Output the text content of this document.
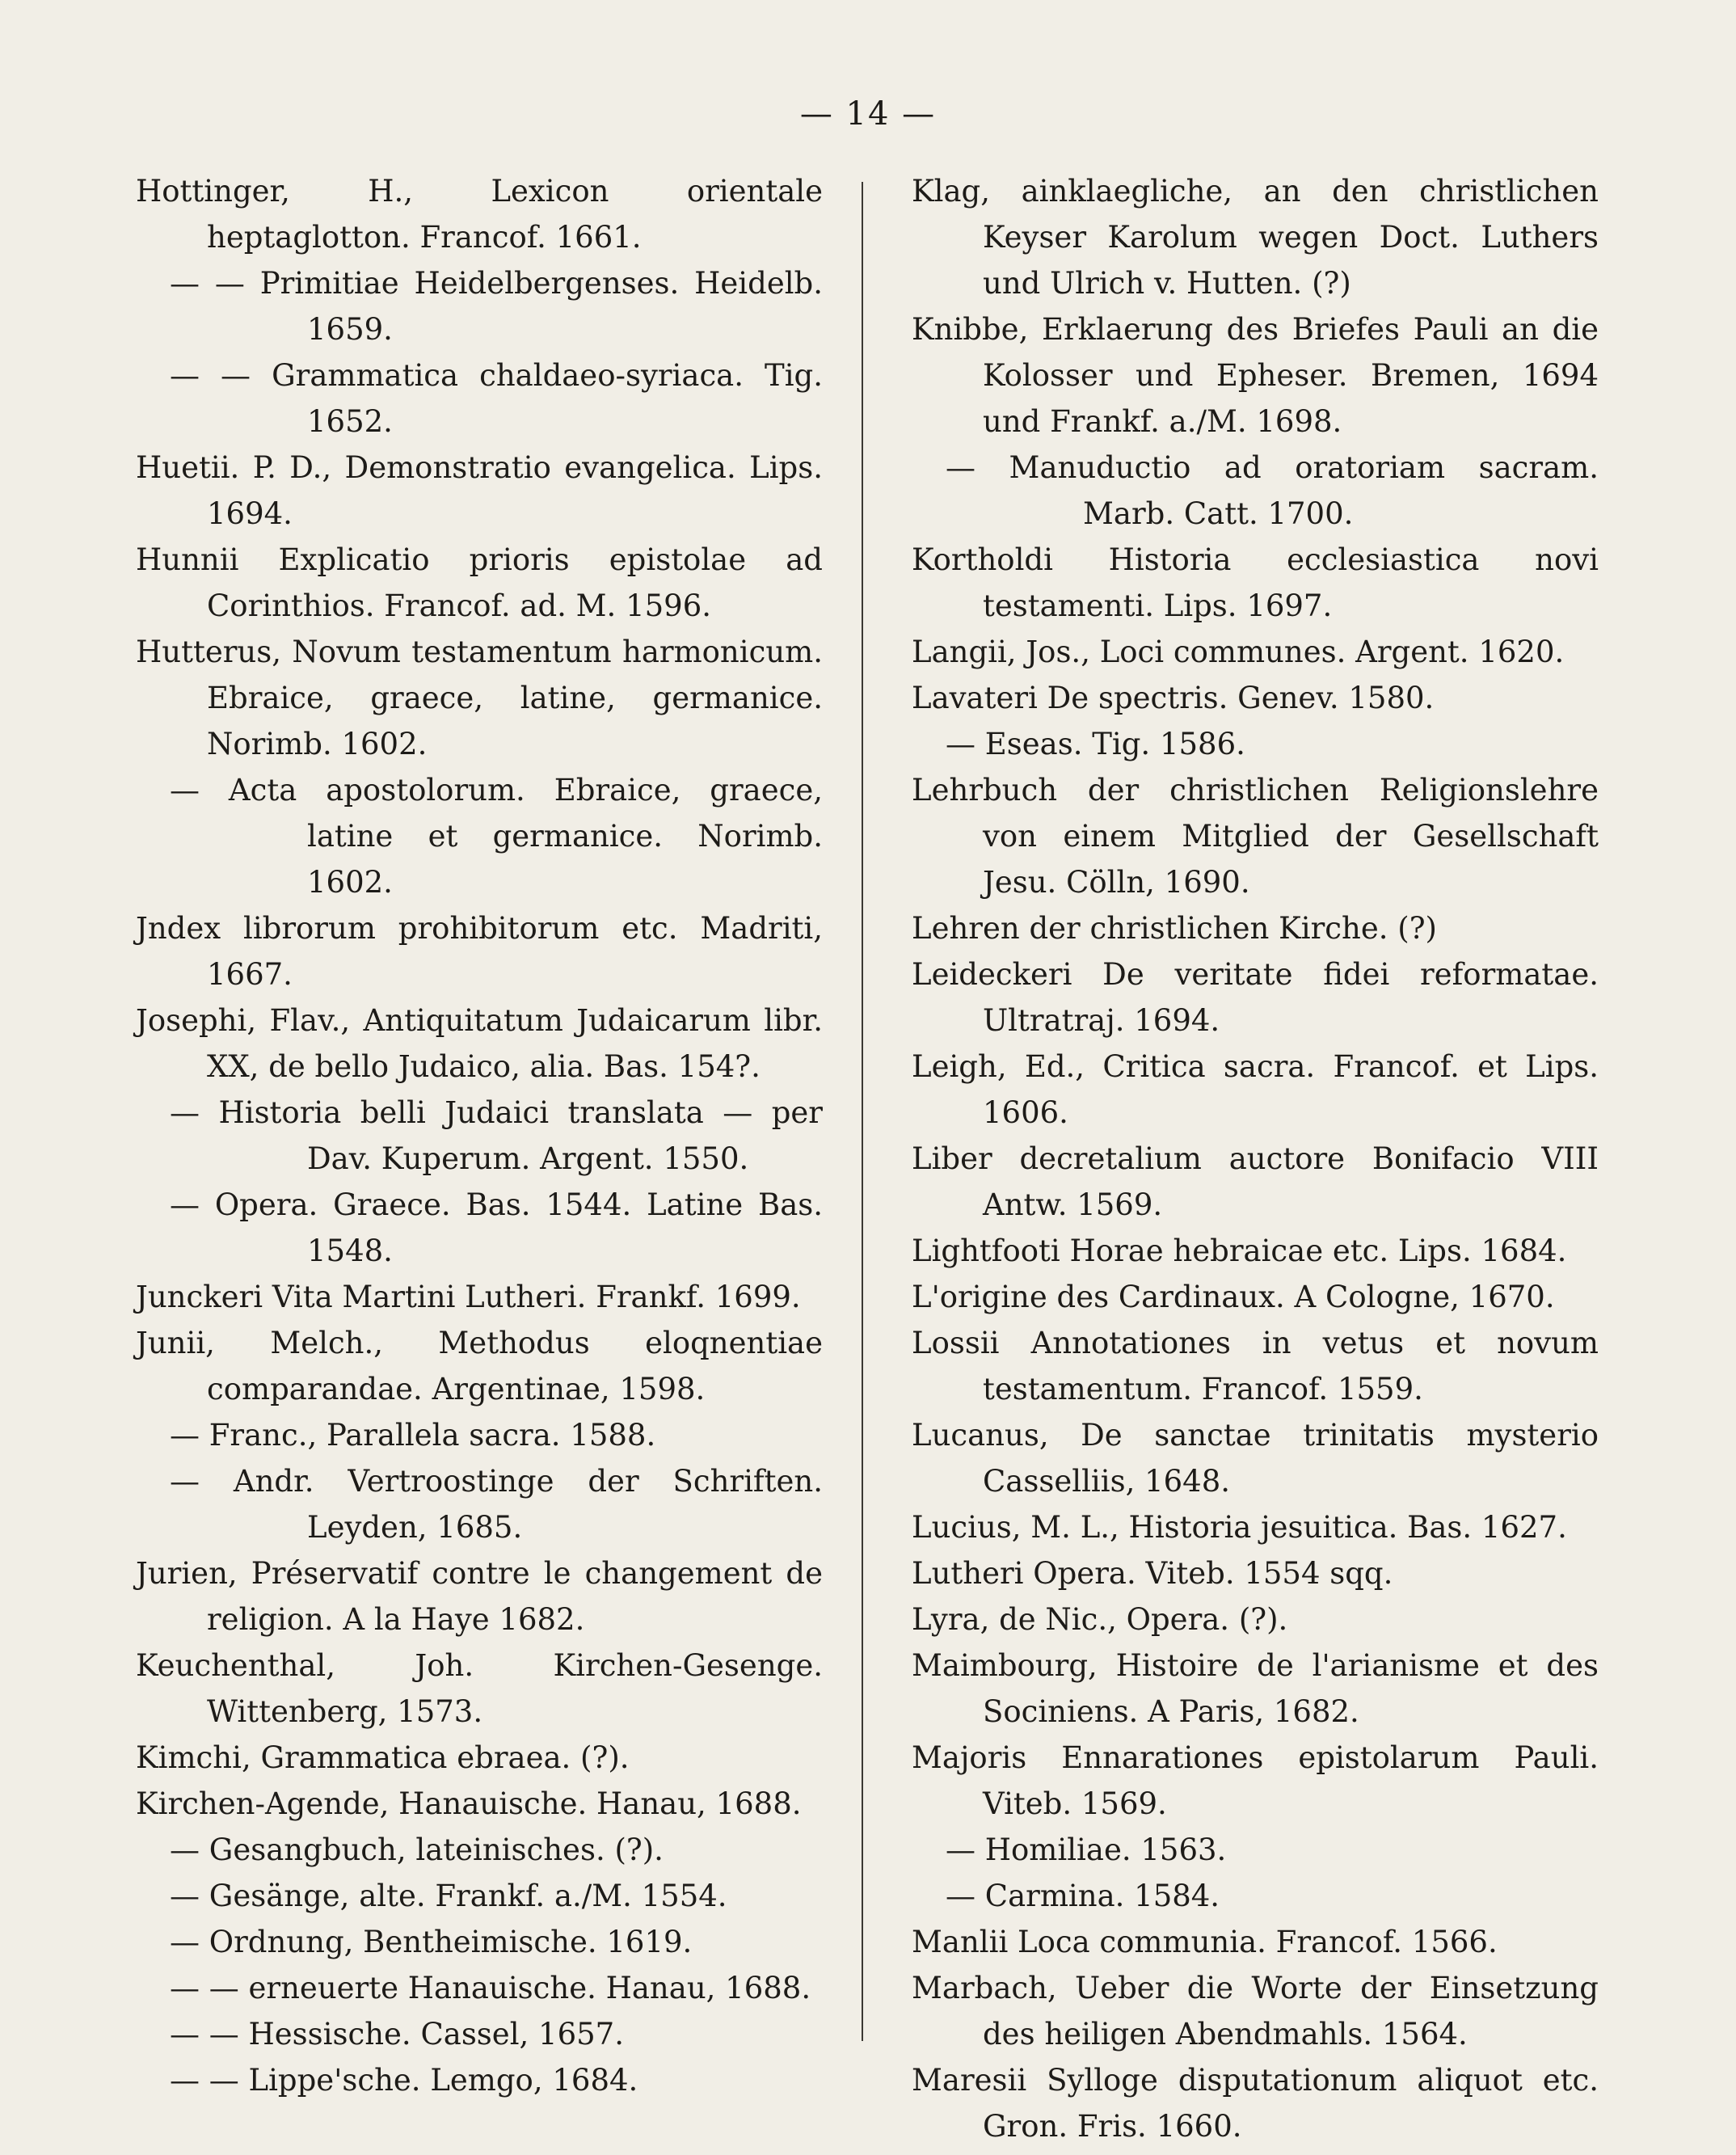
— 14 —
Hottinger, H., Lexicon orientale heptaglotton. Francof. 1661.
— — Primitiae Heidelbergenses. Heidelb. 1659.
— — Grammatica chaldaeo-syriaca. Tig. 1652.
Huetii. P. D., Demonstratio evangelica. Lips. 1694.
Hunnii Explicatio prioris epistolae ad Corinthios. Francof. ad. M. 1596.
Hutterus, Novum testamentum harmonicum. Ebraice, graece, latine, germanice. Norimb. 1602.
— Acta apostolorum. Ebraice, graece, latine et germanice. Norimb. 1602.
Jndex librorum prohibitorum etc. Madriti, 1667.
Josephi, Flav., Antiquitatum Judaicarum libr. XX, de bello Judaico, alia. Bas. 154?.
— Historia belli Judaici translata — per Dav. Kuperum. Argent. 1550.
— Opera. Graece. Bas. 1544. Latine Bas. 1548.
Junckeri Vita Martini Lutheri. Frankf. 1699.
Junii, Melch., Methodus eloqnentiae comparandae. Argentinae, 1598.
— Franc., Parallela sacra. 1588.
— Andr. Vertroostinge der Schriften. Leyden, 1685.
Jurien, Préservatif contre le changement de religion. A la Haye 1682.
Keuchenthal, Joh. Kirchen-Gesenge. Wittenberg, 1573.
Kimchi, Grammatica ebraea. (?).
Kirchen-Agende, Hanauische. Hanau, 1688.
— Gesangbuch, lateinisches. (?).
— Gesänge, alte. Frankf. a./M. 1554.
— Ordnung, Bentheimische. 1619.
— — erneuerte Hanauische. Hanau, 1688.
— — Hessische. Cassel, 1657.
— — Lippe'sche. Lemgo, 1684.
Klag, ainklaegliche, an den christlichen Keyser Karolum wegen Doct. Luthers und Ulrich v. Hutten. (?)
Knibbe, Erklaerung des Briefes Pauli an die Kolosser und Epheser. Bremen, 1694 und Frankf. a./M. 1698.
— Manuductio ad oratoriam sacram. Marb. Catt. 1700.
Kortholdi Historia ecclesiastica novi testamenti. Lips. 1697.
Langii, Jos., Loci communes. Argent. 1620.
Lavateri De spectris. Genev. 1580.
— Eseas. Tig. 1586.
Lehrbuch der christlichen Religionslehre von einem Mitglied der Gesellschaft Jesu. Cölln, 1690.
Lehren der christlichen Kirche. (?)
Leideckeri De veritate fidei reformatae. Ultratraj. 1694.
Leigh, Ed., Critica sacra. Francof. et Lips. 1606.
Liber decretalium auctore Bonifacio VIII Antw. 1569.
Lightfooti Horae hebraicae etc. Lips. 1684.
L'origine des Cardinaux. A Cologne, 1670.
Lossii Annotationes in vetus et novum testamentum. Francof. 1559.
Lucanus, De sanctae trinitatis mysterio Casselliis, 1648.
Lucius, M. L., Historia jesuitica. Bas. 1627.
Lutheri Opera. Viteb. 1554 sqq.
Lyra, de Nic., Opera. (?).
Maimbourg, Histoire de l'arianisme et des Sociniens. A Paris, 1682.
Majoris Ennarationes epistolarum Pauli. Viteb. 1569.
— Homiliae. 1563.
— Carmina. 1584.
Manlii Loca communia. Francof. 1566.
Marbach, Ueber die Worte der Einsetzung des heiligen Abendmahls. 1564.
Maresii Sylloge disputationum aliquot etc. Gron. Fris. 1660.
